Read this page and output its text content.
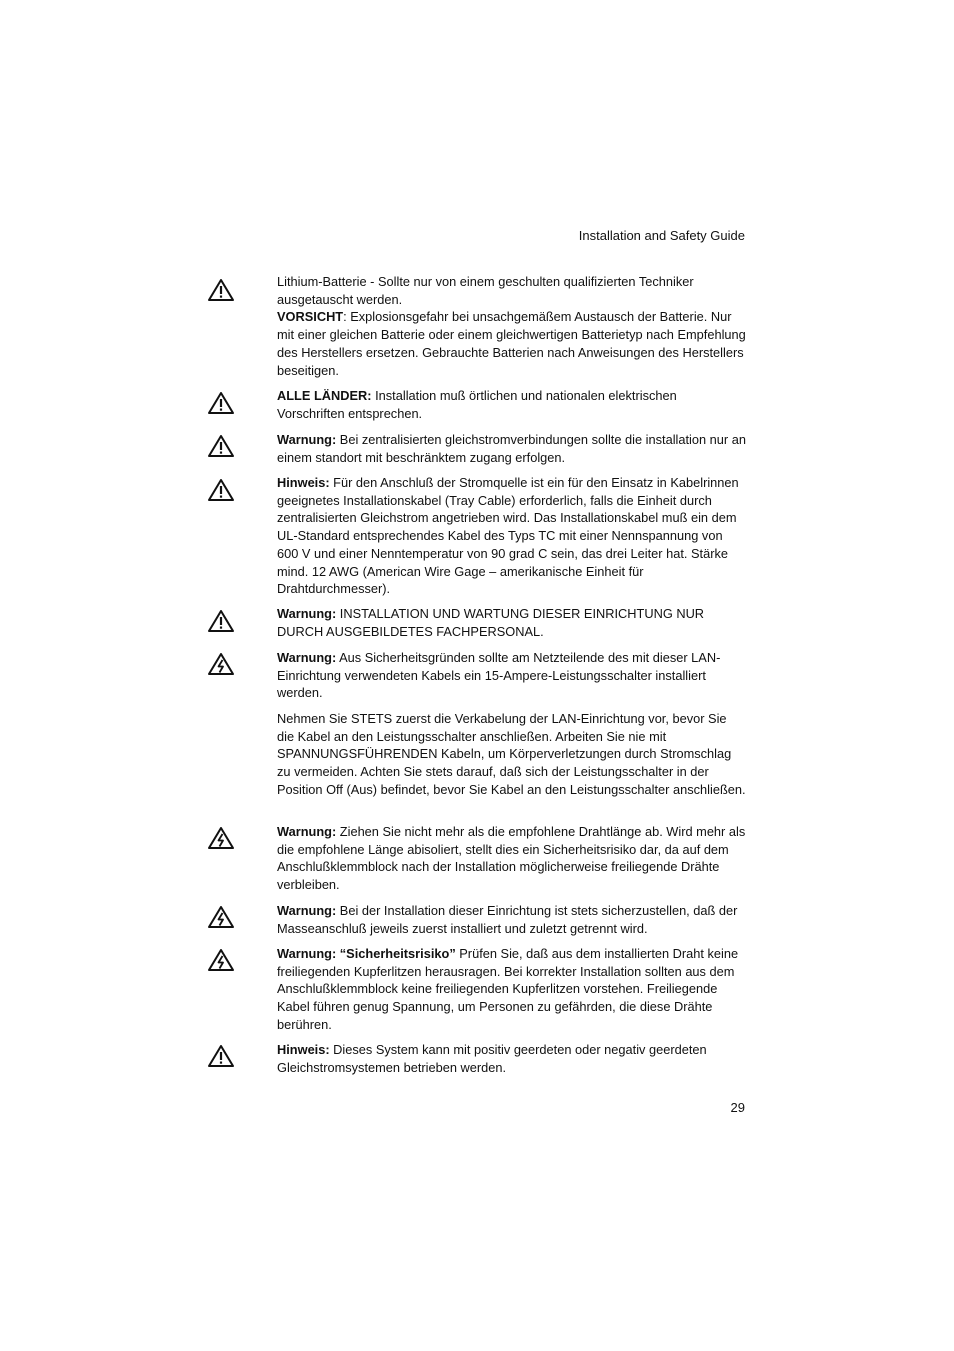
Installation and Safety Guide

Lithium-Batterie - Sollte nur von einem geschulten qualifizierten Techniker ausgetauscht werden.

VORSICHT: Explosionsgefahr bei unsachgemäßem Austausch der Batterie. Nur mit einer gleichen Batterie oder einem gleichwertigen Batterietyp nach Empfehlung des Herstellers ersetzen. Gebrauchte Batterien nach Anweisungen des Herstellers beseitigen.

ALLE LÄNDER: Installation muß örtlichen und nationalen elektrischen Vorschriften entsprechen.

Warnung: Bei zentralisierten gleichstromverbindungen sollte die installation nur an einem standort mit beschränktem zugang erfolgen.

Hinweis: Für den Anschluß der Stromquelle ist ein für den Einsatz in Kabelrinnen geeignetes Installationskabel (Tray Cable) erforderlich, falls die Einheit durch zentralisierten Gleichstrom angetrieben wird. Das Installationskabel muß ein dem UL-Standard entsprechendes Kabel des Typs TC mit einer Nennspannung von 600 V und einer Nenntemperatur von 90 grad C sein, das drei Leiter hat. Stärke mind. 12 AWG (American Wire Gage – amerikanische Einheit für Drahtdurchmesser).

Warnung: INSTALLATION UND WARTUNG DIESER EINRICHTUNG NUR DURCH AUSGEBILDETES FACHPERSONAL.

Warnung: Aus Sicherheitsgründen sollte am Netzteilende des mit dieser LAN-Einrichtung verwendeten Kabels ein 15-Ampere-Leistungsschalter installiert werden.

Nehmen Sie STETS zuerst die Verkabelung der LAN-Einrichtung vor, bevor Sie die Kabel an den Leistungsschalter anschließen. Arbeiten Sie nie mit SPANNUNGSFÜHRENDEN Kabeln, um Körperverletzungen durch Stromschlag zu vermeiden. Achten Sie stets darauf, daß sich der Leistungsschalter in der Position Off (Aus) befindet, bevor Sie Kabel an den Leistungsschalter anschließen.

Warnung: Ziehen Sie nicht mehr als die empfohlene Drahtlänge ab. Wird mehr als die empfohlene Länge abisoliert, stellt dies ein Sicherheitsrisiko dar, da auf dem Anschlußklemmblock nach der Installation möglicherweise freiliegende Drähte verbleiben.

Warnung: Bei der Installation dieser Einrichtung ist stets sicherzustellen, daß der Masseanschluß jeweils zuerst installiert und zuletzt getrennt wird.

Warnung: “Sicherheitsrisiko” Prüfen Sie, daß aus dem installierten Draht keine freiliegenden Kupferlitzen herausragen. Bei korrekter Installation sollten aus dem Anschlußklemmblock keine freiliegenden Kupferlitzen vorstehen. Freiliegende Kabel führen genug Spannung, um Personen zu gefährden, die diese Drähte berühren.

Hinweis: Dieses System kann mit positiv geerdeten oder negativ geerdeten Gleichstromsystemen betrieben werden.

29
